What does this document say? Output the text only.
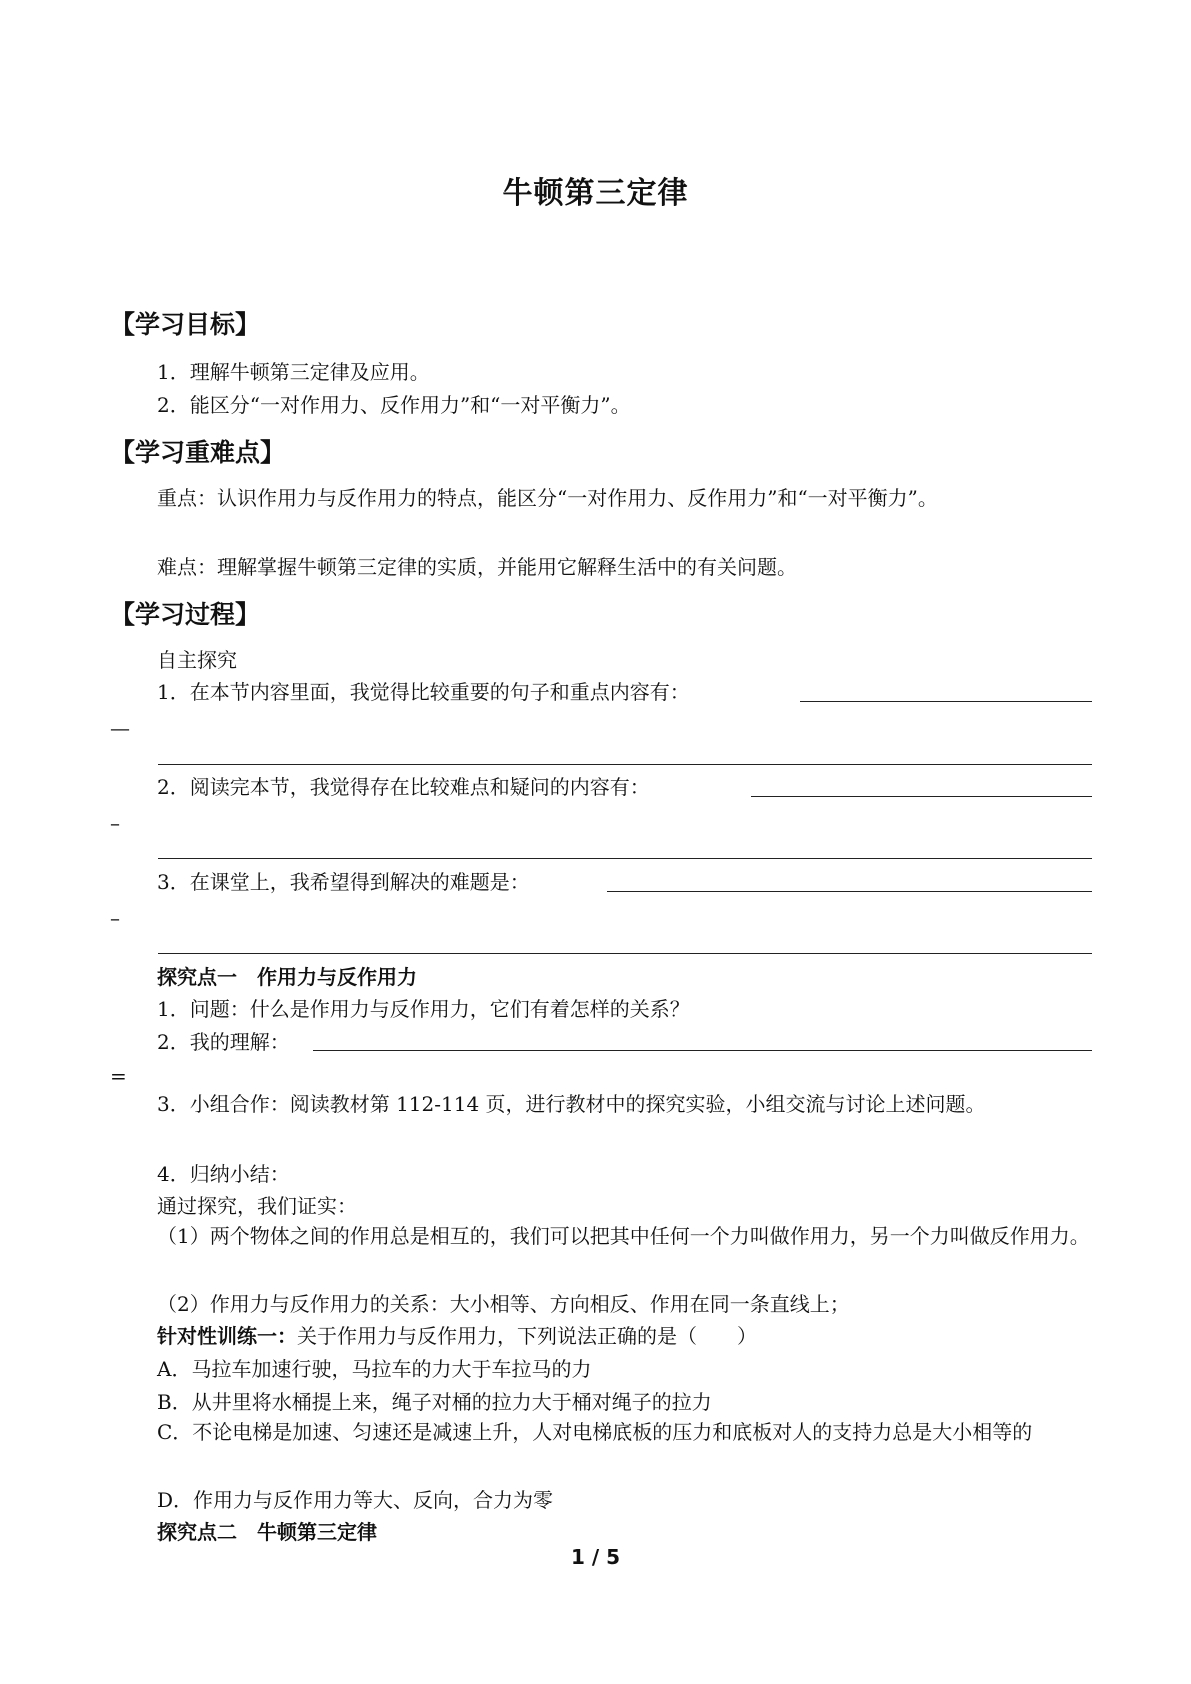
牛顿第三定律
【学习目标】
1．理解牛顿第三定律及应用。
2．能区分“一对作用力、反作用力”和“一对平衡力”。
【学习重难点】
重点：认识作用力与反作用力的特点，能区分“一对作用力、反作用力”和“一对平衡力”。
难点：理解掌握牛顿第三定律的实质，并能用它解释生活中的有关问题。
【学习过程】
自主探究
1．在本节内容里面，我觉得比较重要的句子和重点内容有：
—
2．阅读完本节，我觉得存在比较难点和疑问的内容有：
–
3．在课堂上，我希望得到解决的难题是：
–
探究点一　作用力与反作用力
1．问题：什么是作用力与反作用力，它们有着怎样的关系？
2．我的理解：
=
3．小组合作：阅读教材第 112-114 页，进行教材中的探究实验，小组交流与讨论上述问题。
4．归纳小结：
通过探究，我们证实：
（1）两个物体之间的作用总是相互的，我们可以把其中任何一个力叫做作用力，另一个力叫做反作用力。
（2）作用力与反作用力的关系：大小相等、方向相反、作用在同一条直线上；
针对性训练一：关于作用力与反作用力，下列说法正确的是（　　）
A．马拉车加速行驶，马拉车的力大于车拉马的力
B．从井里将水桶提上来，绳子对桶的拉力大于桶对绳子的拉力
C．不论电梯是加速、匀速还是减速上升，人对电梯底板的压力和底板对人的支持力总是大小相等的
D．作用力与反作用力等大、反向，合力为零
探究点二　牛顿第三定律
1 / 5
